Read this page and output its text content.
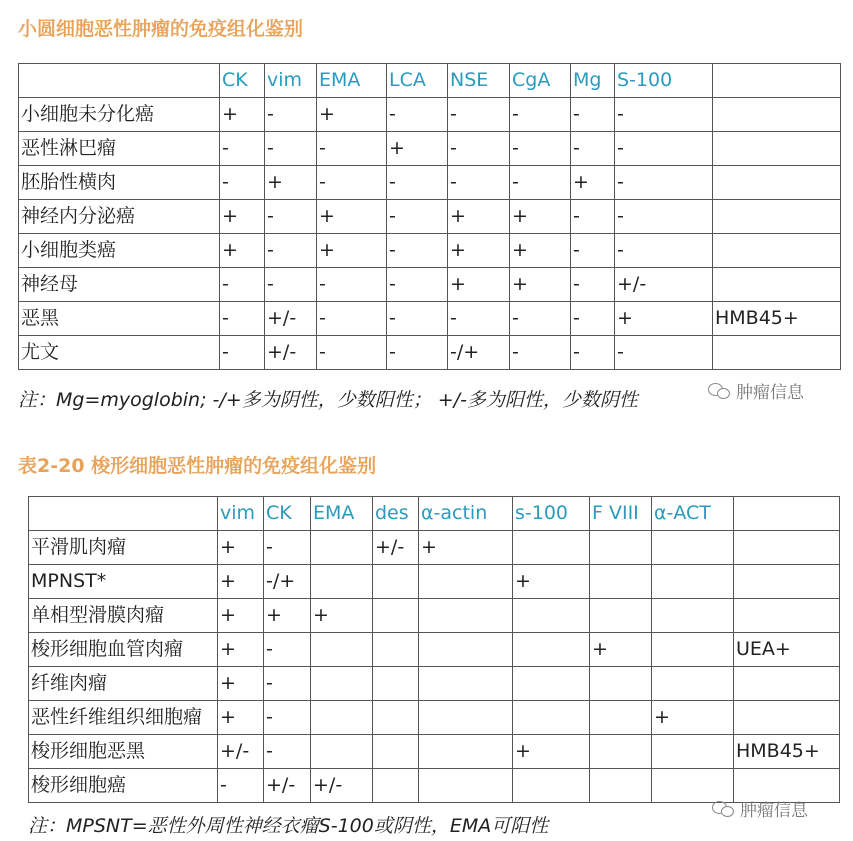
小圆细胞恶性肿瘤的免疫组化鉴别
	CK	vim	EMA	LCA	NSE	CgA	Mg	S-100	
小细胞未分化癌	+	-	+	-	-	-	-	-	
恶性淋巴瘤	-	-	-	+	-	-	-	-	
胚胎性横肉	-	+	-	-	-	-	+	-	
神经内分泌癌	+	-	+	-	+	+	-	-	
小细胞类癌	+	-	+	-	+	+	-	-	
神经母	-	-	-	-	+	+	-	+/-	
恶黑	-	+/-	-	-	-	-	-	+	HMB45+
尤文	-	+/-	-	-	-/+	-	-	-	
注：Mg=myoglobin; -/+多为阴性，少数阳性； +/-多为阳性，少数阴性	肿瘤信息
表2-20 梭形细胞恶性肿瘤的免疫组化鉴别
	vim	CK	EMA	des	α-actin	s-100	F VIII	α-ACT	
平滑肌肉瘤	+	-		+/-	+				
MPNST*	+	-/+				+			
单相型滑膜肉瘤	+	+	+						
梭形细胞血管肉瘤	+	-					+		UEA+
纤维肉瘤	+	-							
恶性纤维组织细胞瘤	+	-						+	
梭形细胞恶黑	+/-	-				+			HMB45+
梭形细胞癌	-	+/-	+/-						
注：MPSNT=恶性外周性神经衣瘤S-100或阴性，EMA可阳性
肿瘤信息
